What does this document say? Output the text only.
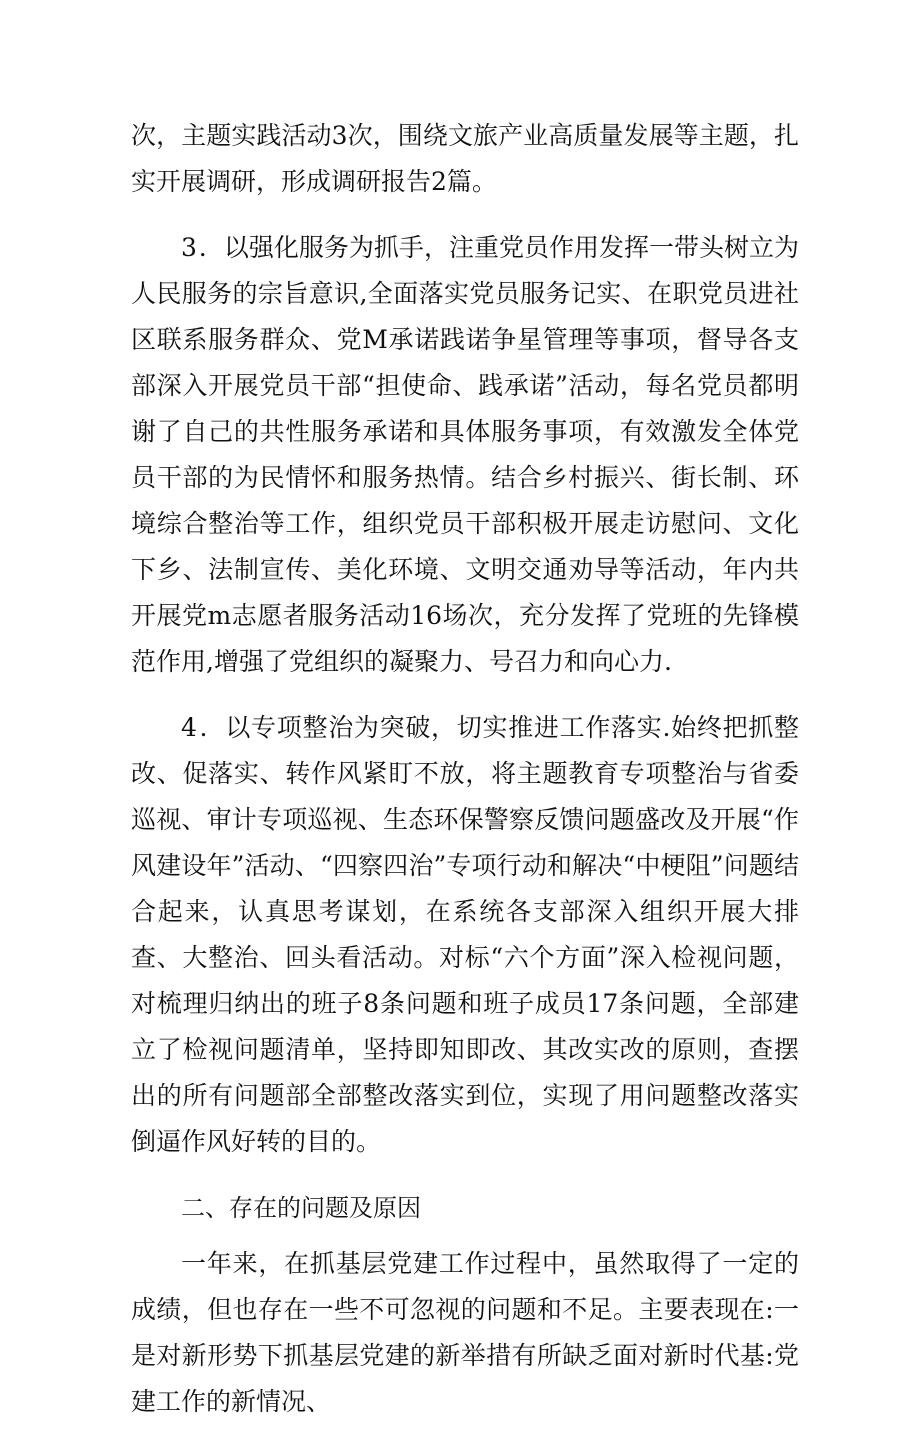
次，主题实践活动3次，围绕文旅产业高质量发展等主题，扎实开展调研，形成调研报告2篇。

3．以强化服务为抓手，注重党员作用发挥一带头树立为人民服务的宗旨意识,全面落实党员服务记实、在职党员进社区联系服务群众、党M承诺践诺争星管理等事项，督导各支部深入开展党员干部“担使命、践承诺”活动，每名党员都明谢了自己的共性服务承诺和具体服务事项，有效激发全体党员干部的为民情怀和服务热情。结合乡村振兴、街长制、环境综合整治等工作，组织党员干部积极开展走访慰问、文化下乡、法制宣传、美化环境、文明交通劝导等活动，年内共开展党m志愿者服务活动16场次，充分发挥了党班的先锋模范作用,增强了党组织的凝聚力、号召力和向心力.

4．以专项整治为突破，切实推进工作落实.始终把抓整改、促落实、转作风紧盯不放，将主题教育专项整治与省委巡视、审计专项巡视、生态环保警察反馈问题盛改及开展“作风建设年”活动、“四察四治”专项行动和解决“中梗阻”问题结合起来，认真思考谋划，在系统各支部深入组织开展大排查、大整治、回头看活动。对标“六个方面”深入检视问题，对梳理归纳出的班子8条问题和班子成员17条问题，全部建立了检视问题清单，坚持即知即改、其改实改的原则，查摆出的所有问题部全部整改落实到位，实现了用问题整改落实倒逼作风好转的目的。

二、存在的问题及原因

一年来，在抓基层党建工作过程中，虽然取得了一定的成绩，但也存在一些不可忽视的问题和不足。主要表现在:一是对新形势下抓基层党建的新举措有所缺乏面对新时代基:党建工作的新情况、
